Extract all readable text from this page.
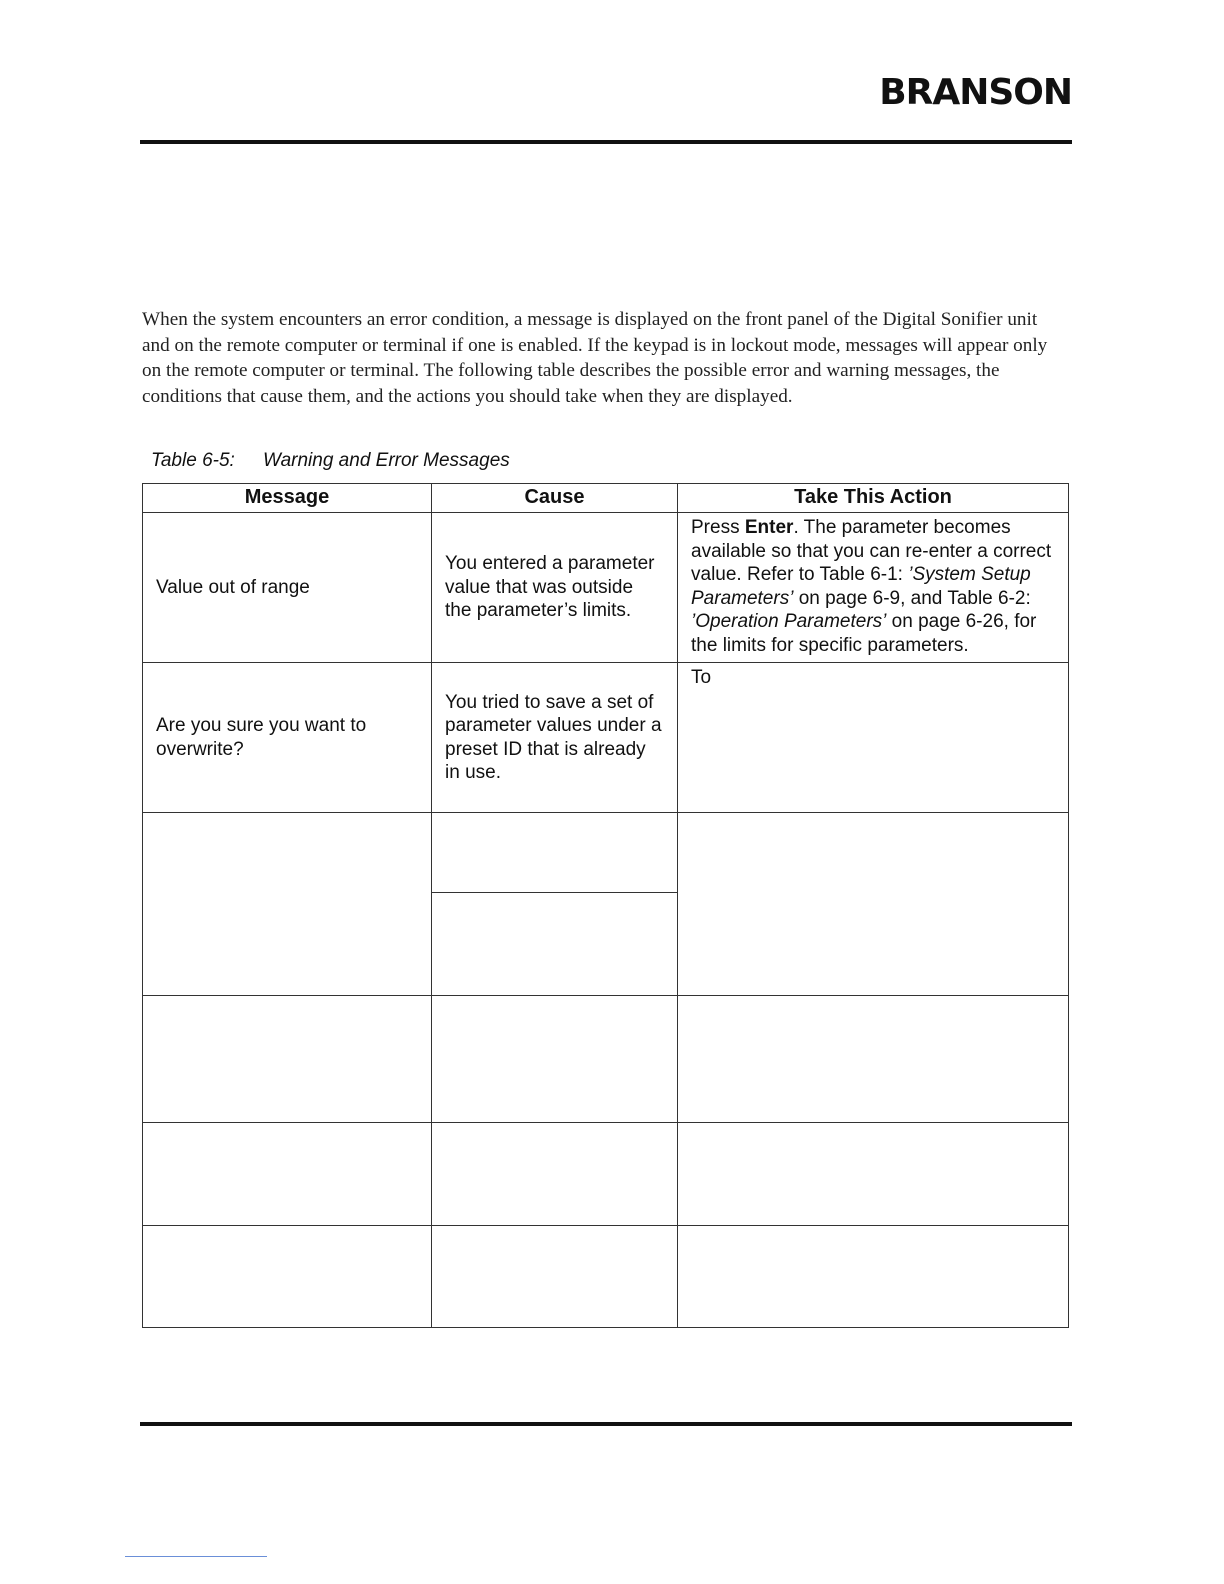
BRANSON

When the system encounters an error condition, a message is displayed on the front panel of the Digital Sonifier unit and on the remote computer or terminal if one is enabled. If the keypad is in lockout mode, messages will appear only on the remote computer or terminal. The following table describes the possible error and warning messages, the conditions that cause them, and the actions you should take when they are displayed.

Table 6-5: Warning and Error Messages
Message	Cause	Take This Action
Value out of range	You entered a parameter value that was outside the parameter’s limits.	Press Enter. The parameter becomes available so that you can re-enter a correct value. Refer to Table 6-1: ’System Setup Parameters’ on page 6-9, and Table 6-2: ’Operation Parameters’ on page 6-26, for the limits for specific parameters.
Are you sure you want to overwrite?	You tried to save a set of parameter values under a preset ID that is already in use.	To
